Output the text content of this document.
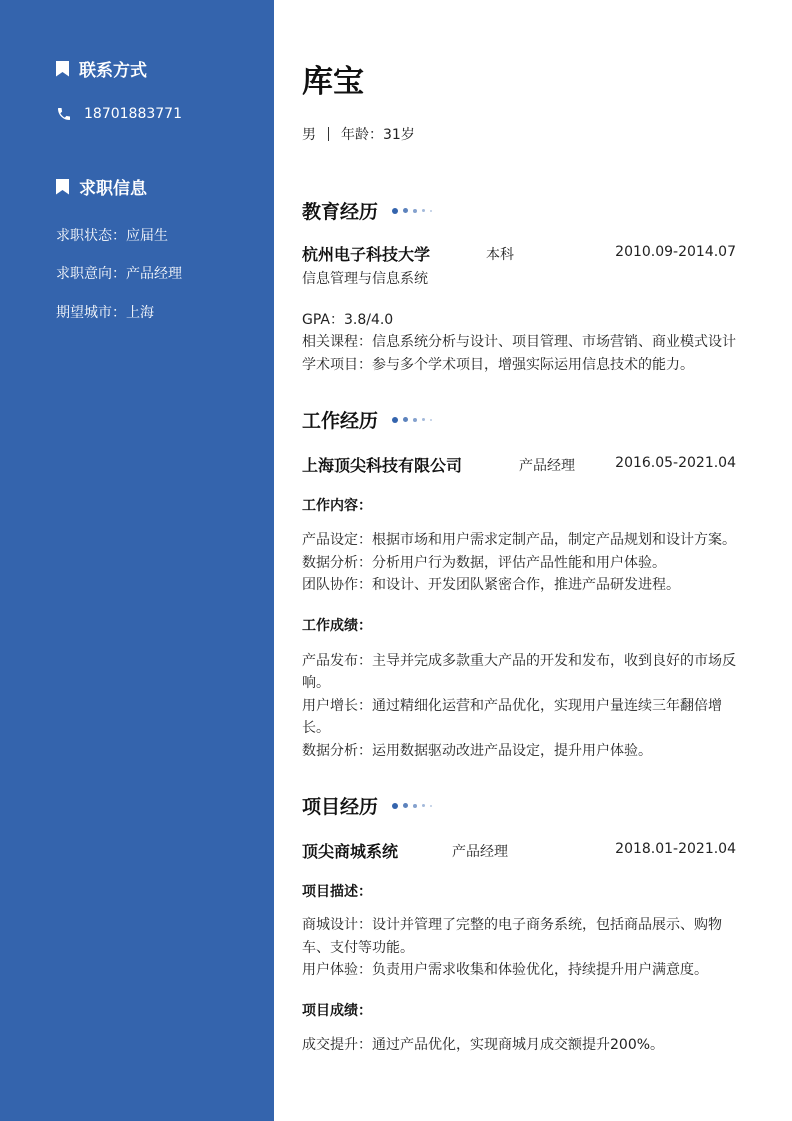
联系方式
18701883771
求职信息
求职状态：应届生
求职意向：产品经理
期望城市：上海
库宝
男 年龄：31岁
教育经历
杭州电子科技大学	本科	2010.09-2014.07
信息管理与信息系统
GPA：3.8/4.0
相关课程：信息系统分析与设计、项目管理、市场营销、商业模式设计
学术项目：参与多个学术项目，增强实际运用信息技术的能力。
工作经历
上海顶尖科技有限公司	产品经理	2016.05-2021.04
工作内容：
产品设定：根据市场和用户需求定制产品，制定产品规划和设计方案。
数据分析：分析用户行为数据，评估产品性能和用户体验。
团队协作：和设计、开发团队紧密合作，推进产品研发进程。
工作成绩：
产品发布：主导并完成多款重大产品的开发和发布，收到良好的市场反
响。
用户增长：通过精细化运营和产品优化，实现用户量连续三年翻倍增
长。
数据分析：运用数据驱动改进产品设定，提升用户体验。
项目经历
顶尖商城系统	产品经理	2018.01-2021.04
项目描述：
商城设计：设计并管理了完整的电子商务系统，包括商品展示、购物
车、支付等功能。
用户体验：负责用户需求收集和体验优化，持续提升用户满意度。
项目成绩：
成交提升：通过产品优化，实现商城月成交额提升200%。
